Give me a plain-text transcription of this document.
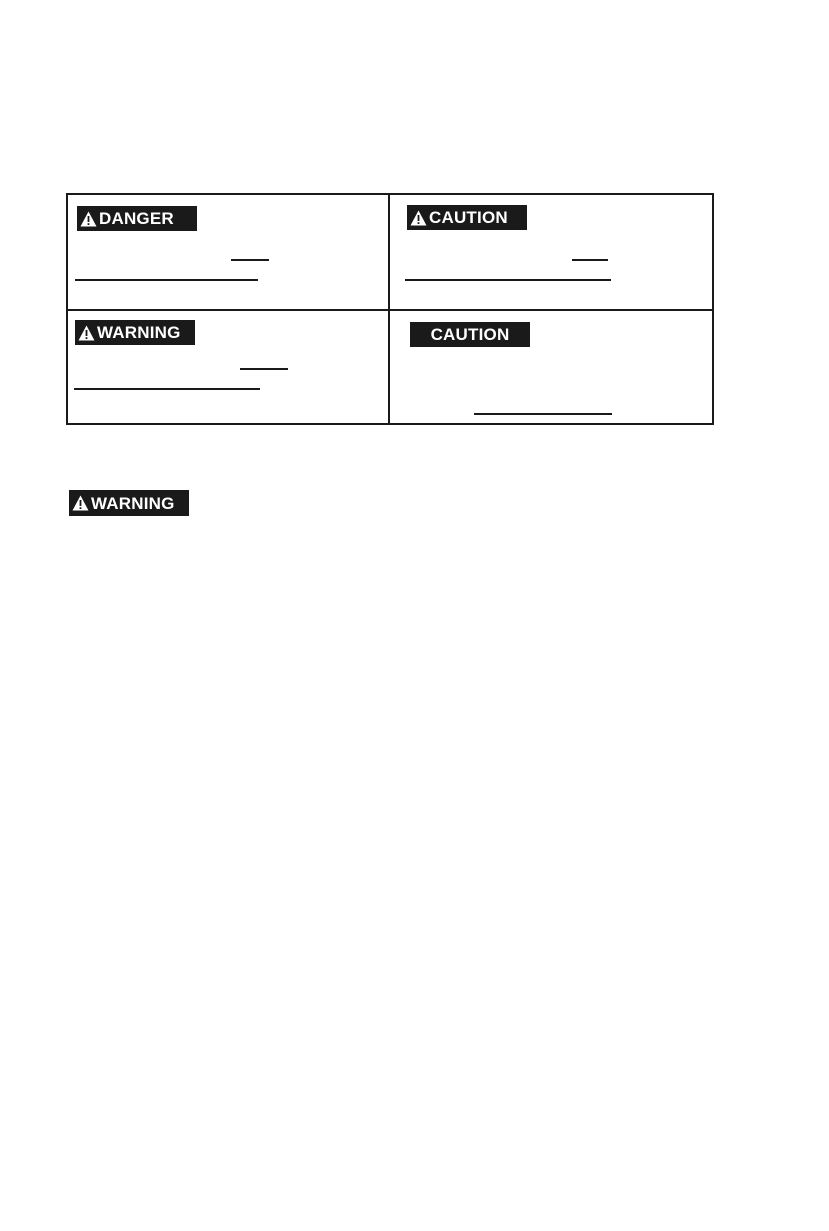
DANGER	CAUTION
WARNING	CAUTION
WARNING
